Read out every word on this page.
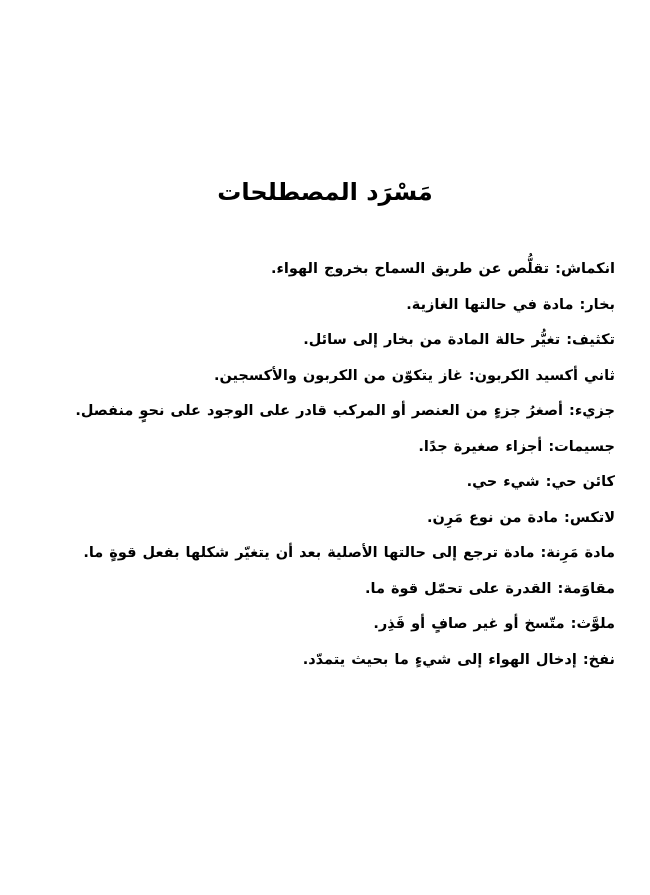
مَسْرَد المصطلحات
انكماش: تقلُّص عن طريق السماح بخروج الهواء.
بخار: مادة في حالتها الغازية.
تكثيف: تغيُّر حالة المادة من بخار إلى سائل.
ثاني أكسيد الكربون: غاز يتكوّن من الكربون والأكسجين.
جزيء: أصغرُ جزءٍ من العنصر أو المركب قادر على الوجود على نحوٍ منفصل.
جسيمات: أجزاء صغيرة جدًا.
كائن حي: شيء حي.
لاتكس: مادة من نوع مَرِن.
مادة مَرِنة: مادة ترجع إلى حالتها الأصلية بعد أن يتغيّر شكلها بفعل قوةٍ ما.
مقاوَمة: القدرة على تحمّل قوة ما.
ملوَّث: متّسخ أو غير صافٍ أو قَذِر.
نفخ: إدخال الهواء إلى شيءٍ ما بحيث يتمدّد.
